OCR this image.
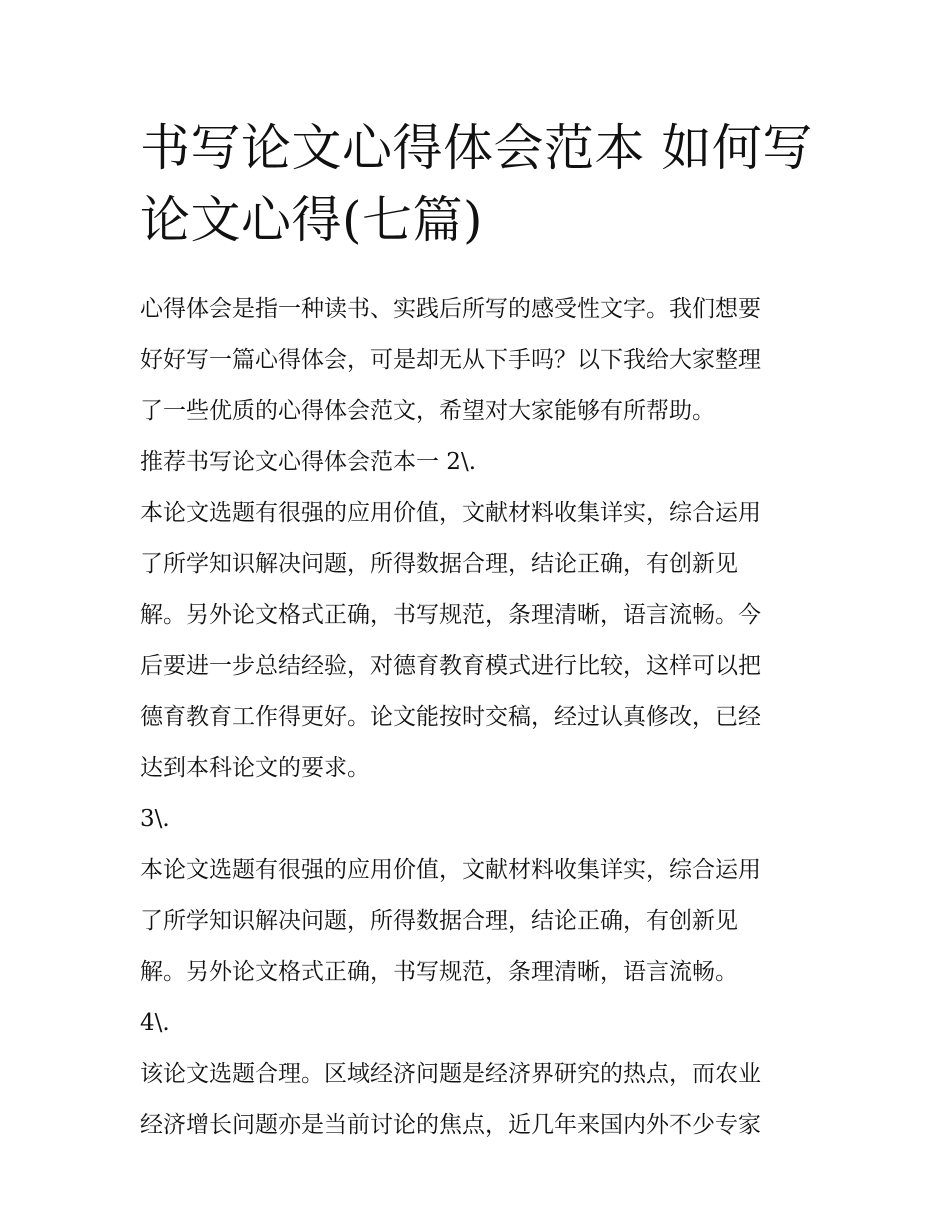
书写论文心得体会范本 如何写
论文心得(七篇)
心得体会是指一种读书、实践后所写的感受性文字。我们想要
好好写一篇心得体会，可是却无从下手吗？以下我给大家整理
了一些优质的心得体会范文，希望对大家能够有所帮助。
推荐书写论文心得体会范本一 2\.
本论文选题有很强的应用价值，文献材料收集详实，综合运用
了所学知识解决问题，所得数据合理，结论正确，有创新见
解。另外论文格式正确，书写规范，条理清晰，语言流畅。今
后要进一步总结经验，对德育教育模式进行比较，这样可以把
德育教育工作得更好。论文能按时交稿，经过认真修改，已经
达到本科论文的要求。
3\.
本论文选题有很强的应用价值，文献材料收集详实，综合运用
了所学知识解决问题，所得数据合理，结论正确，有创新见
解。另外论文格式正确，书写规范，条理清晰，语言流畅。
4\.
该论文选题合理。区域经济问题是经济界研究的热点，而农业
经济增长问题亦是当前讨论的焦点，近几年来国内外不少专家
